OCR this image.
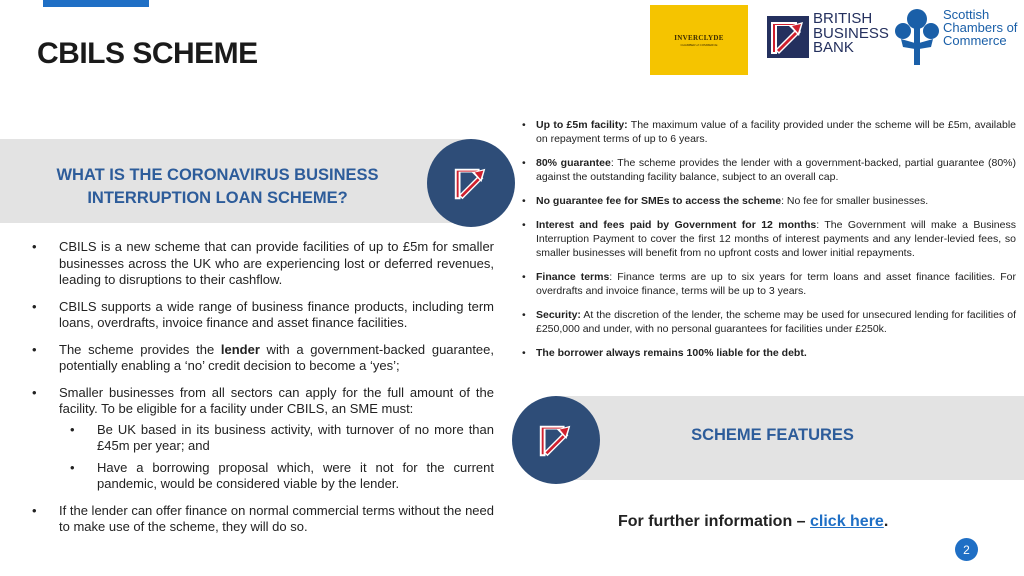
CBILS SCHEME	INVERCLYDE
CHAMBER of COMMERCE
BRITISH
BUSINESS
BANK
Scottish
Chambers of
Commerce
WHAT IS THE CORONAVIRUS BUSINESS INTERRUPTION LOAN SCHEME?
• CBILS is a new scheme that can provide facilities of up to £5m for smaller businesses across the UK who are experiencing lost or deferred revenues, leading to disruptions to their cashflow.
• CBILS supports a wide range of business finance products, including term loans, overdrafts, invoice finance and asset finance facilities.
• The scheme provides the lender with a government-backed guarantee, potentially enabling a ‘no’ credit decision to become a ‘yes’;
• Smaller businesses from all sectors can apply for the full amount of the facility. To be eligible for a facility under CBILS, an SME must:
• Be UK based in its business activity, with turnover of no more than £45m per year; and
• Have a borrowing proposal which, were it not for the current pandemic, would be considered viable by the lender.
• If the lender can offer finance on normal commercial terms without the need to make use of the scheme, they will do so.
• Up to £5m facility: The maximum value of a facility provided under the scheme will be £5m, available on repayment terms of up to 6 years.
• 80% guarantee: The scheme provides the lender with a government-backed, partial guarantee (80%) against the outstanding facility balance, subject to an overall cap.
• No guarantee fee for SMEs to access the scheme: No fee for smaller businesses.
• Interest and fees paid by Government for 12 months: The Government will make a Business Interruption Payment to cover the first 12 months of interest payments and any lender-levied fees, so smaller businesses will benefit from no upfront costs and lower initial repayments.
• Finance terms: Finance terms are up to six years for term loans and asset finance facilities. For overdrafts and invoice finance, terms will be up to 3 years.
• Security: At the discretion of the lender, the scheme may be used for unsecured lending for facilities of £250,000 and under, with no personal guarantees for facilities under £250k.
• The borrower always remains 100% liable for the debt.
SCHEME FEATURES
For further information – click here.
2
